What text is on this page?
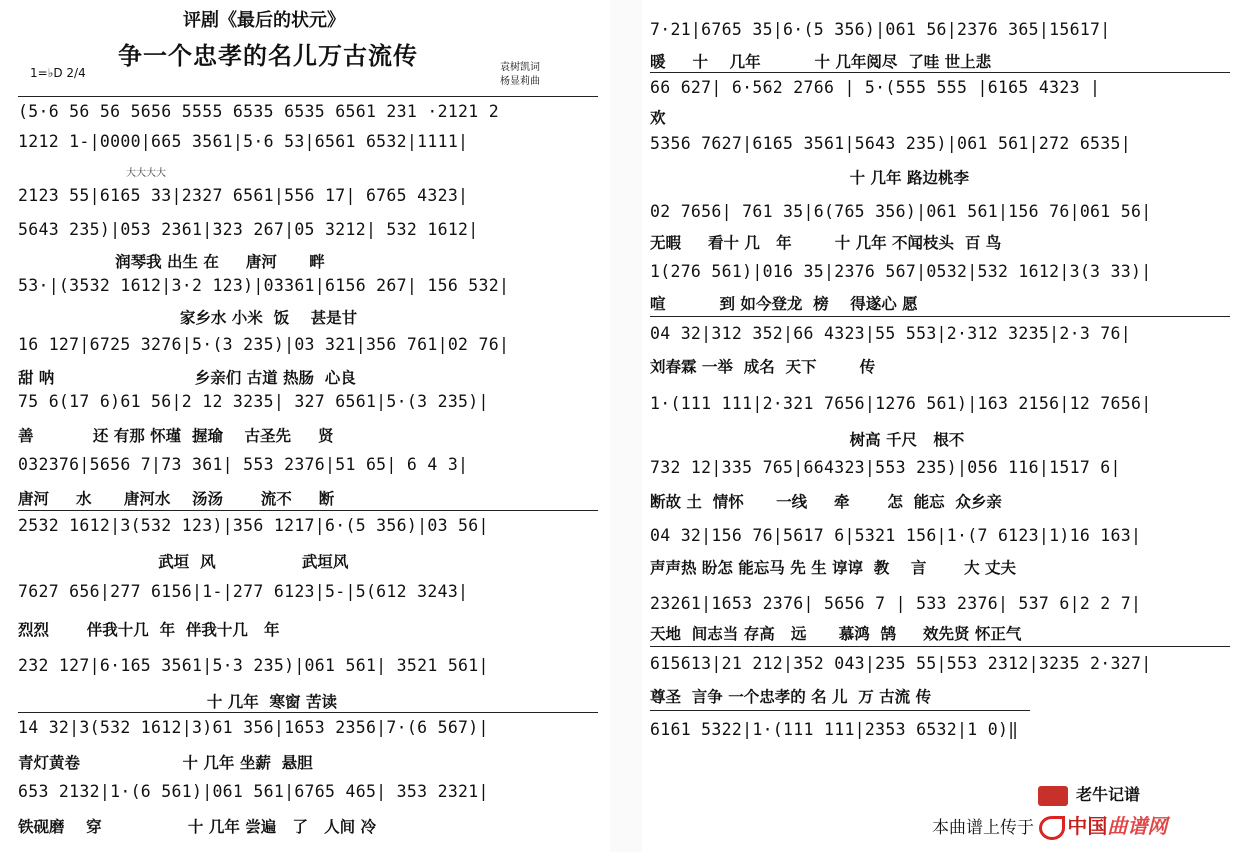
评剧《最后的状元》
争一个忠孝的名儿万古流传	袁树凯词
杨显莉曲
1=♭D 2/4
大大大大
(5·6 56 56 5656 5555 6535 6535 6561 231 ·2121 2
1212 1-|0000|665 3561|5·6 53|6561 6532|1111|
2123 55|6165 33|2327 6561|556 17| 6765 4323|
5643 235)|053 2361|323 267|05 3212| 532 1612|
润琴我 出生 在     唐河      畔
53·|(3532 1612|3·2 123)|03361|6156 267| 156 532|
家乡水 小米  饭    甚是甘
16 127|6725 3276|5·(3 235)|03 321|356 761|02 76|
甜 呐                          乡亲们 古道 热肠  心良
75 6(17 6)61 56|2 12 3235| 327 6561|5·(3 235)|
善           还 有那 怀瑾  握瑜    古圣先     贤
032376|5656 7|73 361| 553 2376|51 65| 6 4 3|
唐河     水      唐河水    汤汤       流不     断
2532 1612|3(532 123)|356 1217|6·(5 356)|03 56|
武垣  风                武垣风
7627 656|277 6156|1-|277 6123|5-|5(612 3243|
烈烈       伴我十几  年  伴我十几   年
232 127|6·165 3561|5·3 235)|061 561| 3521 561|
十 几年  寒窗 苦读
14 32|3(532 1612|3)61 356|1653 2356|7·(6 567)|
青灯黄卷                   十 几年 坐薪  悬胆
653 2132|1·(6 561)|061 561|6765 465| 353 2321|
铁砚磨    穿                十 几年 尝遍   了   人间 冷
7·21|6765 35|6·(5 356)|061 56|2376 365|15617|
暖     十    几年          十 几年阅尽  了哇 世上悲
66 627| 6·562 2766 | 5·(555 555 |6165 4323 |
欢
5356 7627|6165 3561|5643 235)|061 561|272 6535|
十 几年 路边桃李
02 7656| 761 35|6(765 356)|061 561|156 76|061 56|
无暇     看十 几   年        十 几年 不闻枝头  百 鸟
1(276 561)|016 35|2376 567|0532|532 1612|3(3 33)|
喧          到 如今登龙  榜    得遂心 愿
04 32|312 352|66 4323|55 553|2·312 3235|2·3 76|
刘春霖 一举  成名  天下        传
1·(111 111|2·321 7656|1276 561)|163 2156|12 7656|
树高 千尺   根不
732 12|335 765|664323|553 235)|056 116|1517 6|
断故 土  情怀      一线     牵       怎  能忘  众乡亲
04 32|156 76|5617 6|5321 156|1·(7 6123|1)16 163|
声声热 盼怎 能忘马 先 生 谆谆  教    言       大 丈夫
23261|1653 2376| 5656 7 | 533 2376| 537 6|2 2 7|
天地  间志当 存高   远      慕鸿  鹄     效先贤 怀正气
615613|21 212|352 043|235 55|553 2312|3235 2·327|
尊圣  言争 一个忠孝的 名 儿  万 古流 传
6161 5322|1·(111 111|2353 6532|1 0)‖
老牛记谱
本曲谱上传于 中国曲谱网
